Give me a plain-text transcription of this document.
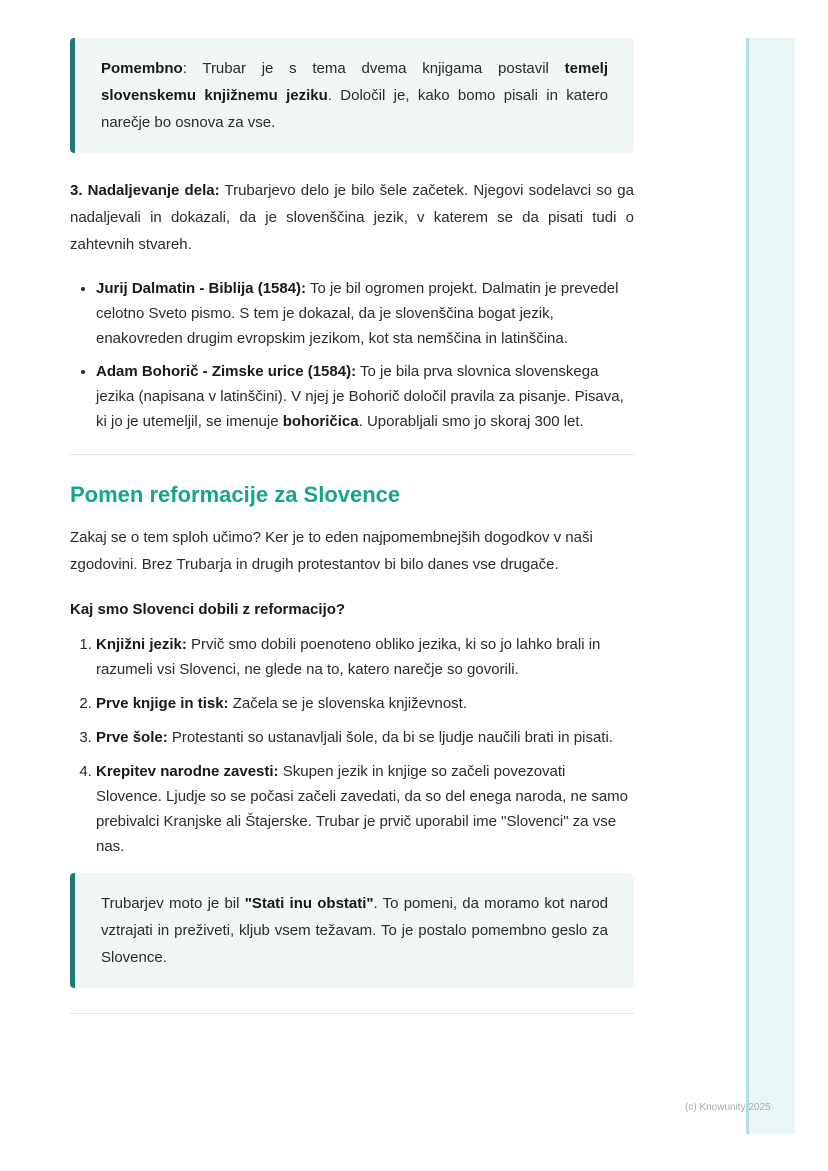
Pomembno: Trubar je s tema dvema knjigama postavil temelj slovenskemu knjižnemu jeziku. Določil je, kako bomo pisali in katero narečje bo osnova za vse.

3. Nadaljevanje dela: Trubarjevo delo je bilo šele začetek. Njegovi sodelavci so ga nadaljevali in dokazali, da je slovenščina jezik, v katerem se da pisati tudi o zahtevnih stvareh.

• Jurij Dalmatin - Biblija (1584): To je bil ogromen projekt. Dalmatin je prevedel celotno Sveto pismo. S tem je dokazal, da je slovenščina bogat jezik, enakovreden drugim evropskim jezikom, kot sta nemščina in latinščina.
• Adam Bohorič - Zimske urice (1584): To je bila prva slovnica slovenskega jezika (napisana v latinščini). V njej je Bohorič določil pravila za pisanje. Pisava, ki jo je utemeljil, se imenuje bohoričica. Uporabljali smo jo skoraj 300 let.
Pomen reformacije za Slovence

Zakaj se o tem sploh učimo? Ker je to eden najpomembnejših dogodkov v naši zgodovini. Brez Trubarja in drugih protestantov bi bilo danes vse drugače.

Kaj smo Slovenci dobili z reformacijo?
1. Knjižni jezik: Prvič smo dobili poenoteno obliko jezika, ki so jo lahko brali in razumeli vsi Slovenci, ne glede na to, katero narečje so govorili.
2. Prve knjige in tisk: Začela se je slovenska književnost.
3. Prve šole: Protestanti so ustanavljali šole, da bi se ljudje naučili brati in pisati.
4. Krepitev narodne zavesti: Skupen jezik in knjige so začeli povezovati Slovence. Ljudje so se počasi začeli zavedati, da so del enega naroda, ne samo prebivalci Kranjske ali Štajerske. Trubar je prvič uporabil ime "Slovenci" za vse nas.
Trubarjev moto je bil "Stati inu obstati". To pomeni, da moramo kot narod vztrajati in preživeti, kljub vsem težavam. To je postalo pomembno geslo za Slovence.
(c) Knowunity 2025
